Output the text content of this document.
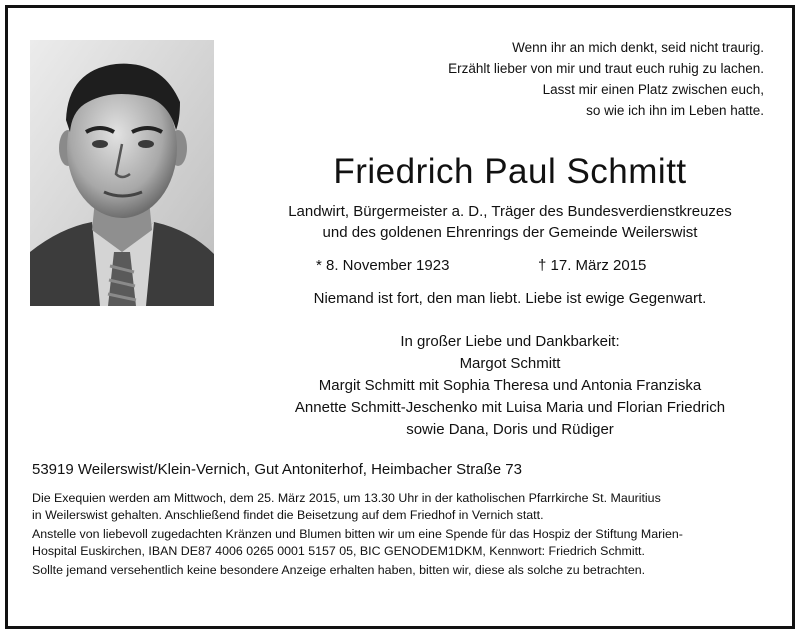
Wenn ihr an mich denkt, seid nicht traurig.
Erzählt lieber von mir und traut euch ruhig zu lachen.
Lasst mir einen Platz zwischen euch,
so wie ich ihn im Leben hatte.
Friedrich Paul Schmitt
Landwirt, Bürgermeister a. D., Träger des Bundesverdienstkreuzes
und des goldenen Ehrenrings der Gemeinde Weilerswist
* 8. November 1923	† 17. März 2015
Niemand ist fort, den man liebt. Liebe ist ewige Gegenwart.
In großer Liebe und Dankbarkeit:
Margot Schmitt
Margit Schmitt mit Sophia Theresa und Antonia Franziska
Annette Schmitt-Jeschenko mit Luisa Maria und Florian Friedrich
sowie Dana, Doris und Rüdiger
53919 Weilerswist/Klein-Vernich, Gut Antoniterhof, Heimbacher Straße 73

Die Exequien werden am Mittwoch, dem 25. März 2015, um 13.30 Uhr in der katholischen Pfarrkirche St. Mauritius
in Weilerswist gehalten. Anschließend findet die Beisetzung auf dem Friedhof in Vernich statt.

Anstelle von liebevoll zugedachten Kränzen und Blumen bitten wir um eine Spende für das Hospiz der Stiftung Marien-
Hospital Euskirchen, IBAN DE87 4006 0265 0001 5157 05, BIC GENODEM1DKM, Kennwort: Friedrich Schmitt.

Sollte jemand versehentlich keine besondere Anzeige erhalten haben, bitten wir, diese als solche zu betrachten.
